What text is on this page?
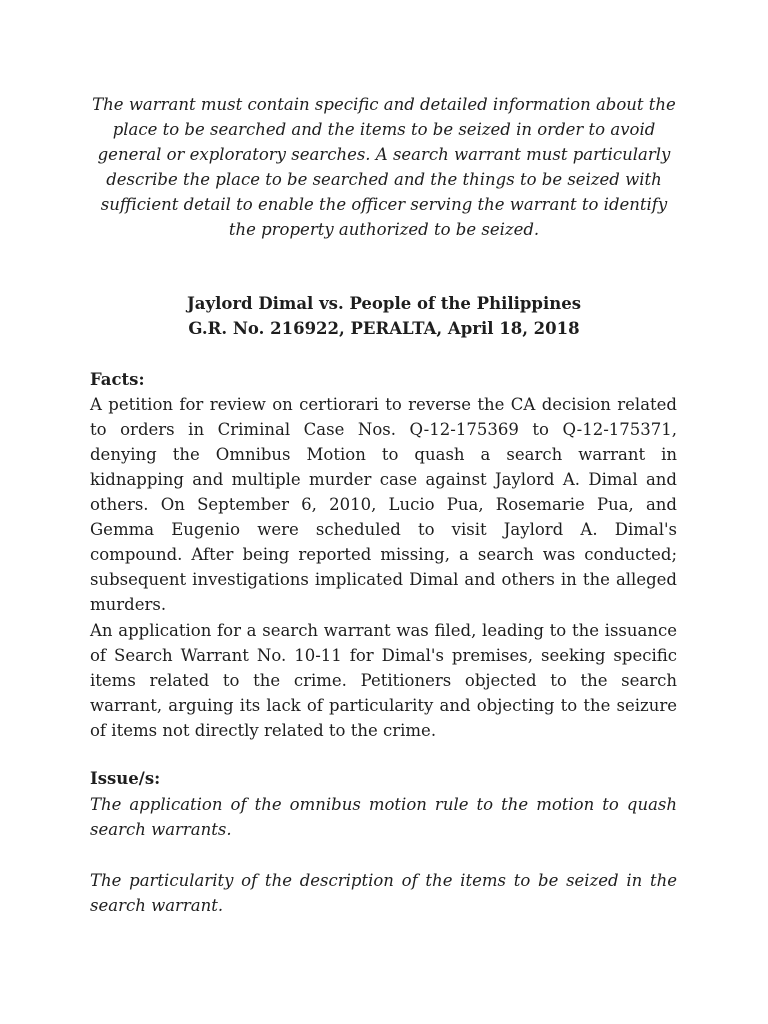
The warrant must contain specific and detailed information about the place to be searched and the items to be seized in order to avoid general or exploratory searches. A search warrant must particularly describe the place to be searched and the things to be seized with sufficient detail to enable the officer serving the warrant to identify the property authorized to be seized.

Jaylord Dimal vs. People of the Philippines
G.R. No. 216922, PERALTA, April 18, 2018
Facts:

A petition for review on certiorari to reverse the CA decision related to orders in Criminal Case Nos. Q-12-175369 to Q-12-175371, denying the Omnibus Motion to quash a search warrant in kidnapping and multiple murder case against Jaylord A. Dimal and others. On September 6, 2010, Lucio Pua, Rosemarie Pua, and Gemma Eugenio were scheduled to visit Jaylord A. Dimal's compound. After being reported missing, a search was conducted; subsequent investigations implicated Dimal and others in the alleged murders.

An application for a search warrant was filed, leading to the issuance of Search Warrant No. 10-11 for Dimal's premises, seeking specific items related to the crime. Petitioners objected to the search warrant, arguing its lack of particularity and objecting to the seizure of items not directly related to the crime.

Issue/s:

The application of the omnibus motion rule to the motion to quash search warrants.

The particularity of the description of the items to be seized in the search warrant.
